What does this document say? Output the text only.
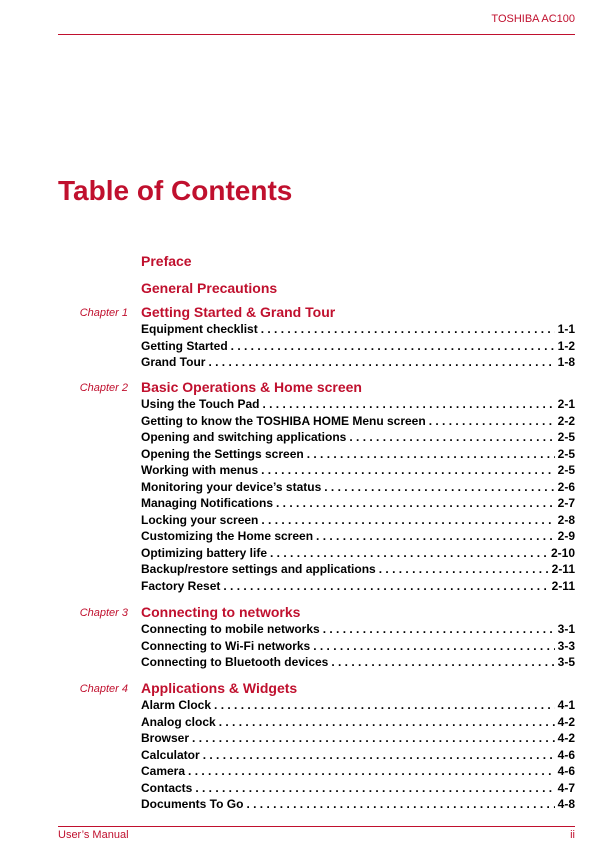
TOSHIBA AC100
Table of Contents
Preface
General Precautions
Chapter 1 Getting Started & Grand Tour
Equipment checklist . . .	1-1
Getting Started . . .	1-2
Grand Tour . . .	1-8
Chapter 2 Basic Operations & Home screen
Using the Touch Pad . . .	2-1
Getting to know the TOSHIBA HOME Menu screen . . .	2-2
Opening and switching applications . . .	2-5
Opening the Settings screen . . .	2-5
Working with menus . . .	2-5
Monitoring your device’s status . . .	2-6
Managing Notifications . . .	2-7
Locking your screen . . .	2-8
Customizing the Home screen . . .	2-9
Optimizing battery life . . .	2-10
Backup/restore settings and applications . . .	2-11
Factory Reset . . .	2-11
Chapter 3 Connecting to networks
Connecting to mobile networks . . .	3-1
Connecting to Wi-Fi networks . . .	3-3
Connecting to Bluetooth devices . . .	3-5
Chapter 4 Applications & Widgets
Alarm Clock . . .	4-1
Analog clock . . .	4-2
Browser . . .	4-2
Calculator . . .	4-6
Camera . . .	4-6
Contacts . . .	4-7
Documents To Go . . .	4-8
User’s Manual	ii
